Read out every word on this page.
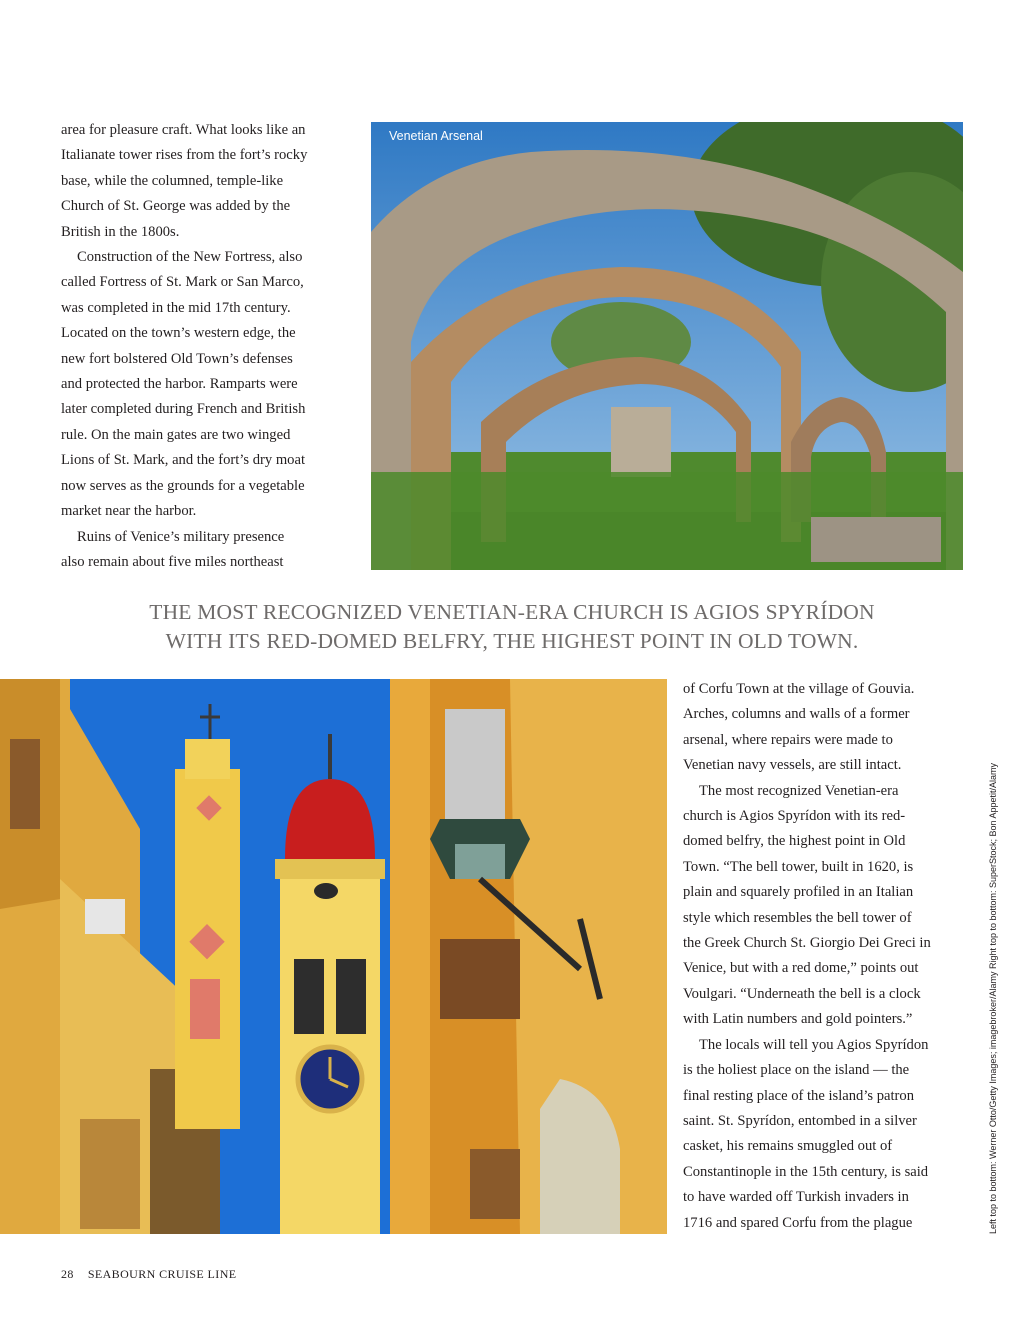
area for pleasure craft. What looks like an

Italianate tower rises from the fort’s rocky

base, while the columned, temple-like

Church of St. George was added by the

British in the 1800s.

Construction of the New Fortress, also

called Fortress of St. Mark or San Marco,

was completed in the mid 17th century.

Located on the town’s western edge, the

new fort bolstered Old Town’s defenses

and protected the harbor. Ramparts were

later completed during French and British

rule. On the main gates are two winged

Lions of St. Mark, and the fort’s dry moat

now serves as the grounds for a vegetable

market near the harbor.

Ruins of Venice’s military presence

also remain about five miles northeast

Venetian Arsenal
THE MOST RECOGNIZED VENETIAN-ERA CHURCH IS AGIOS SPYRÍDON
WITH ITS RED-DOMED BELFRY, THE HIGHEST POINT IN OLD TOWN.

of Corfu Town at the village of Gouvia.

Arches, columns and walls of a former

arsenal, where repairs were made to

Venetian navy vessels, are still intact.

The most recognized Venetian-era

church is Agios Spyrídon with its red-

domed belfry, the highest point in Old

Town. “The bell tower, built in 1620, is

plain and squarely profiled in an Italian

style which resembles the bell tower of

the Greek Church St. Giorgio Dei Greci in

Venice, but with a red dome,” points out

Voulgari. “Underneath the bell is a clock

with Latin numbers and gold pointers.”

The locals will tell you Agios Spyrídon

is the holiest place on the island — the

final resting place of the island’s patron

saint. St. Spyrídon, entombed in a silver

casket, his remains smuggled out of

Constantinople in the 15th century, is said

to have warded off Turkish invaders in

1716 and spared Corfu from the plague	Left top to bottom: Werner Otto/Getty Images; imagebroker/Alamy Right top to bottom: SuperStock; Bon Appetit/Alamy
28 SEABOURN CRUISE LINE
